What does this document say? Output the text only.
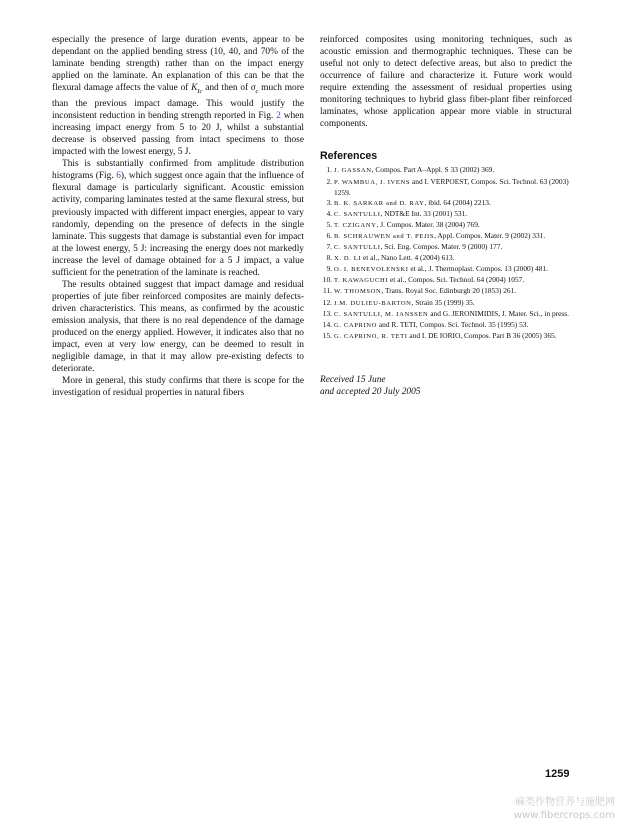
especially the presence of large duration events, appear to be dependant on the applied bending stress (10, 40, and 70% of the laminate bending strength) rather than on the impact energy applied on the laminate. An explanation of this can be that the flexural damage affects the value of $K_{Ic}$ and then of $\sigma_c$ much more than the previous impact damage. This would justify the inconsistent reduction in bending strength reported in Fig. 2 when increasing impact energy from 5 to 20 J, whilst a substantial decrease is observed passing from intact specimens to those impacted with the lowest energy, 5 J.

This is substantially confirmed from amplitude distribution histograms (Fig. 6), which suggest once again that the influence of flexural damage is particularly significant. Acoustic emission activity, comparing laminates tested at the same flexural stress, but previously impacted with different impact energies, appear to vary randomly, depending on the presence of defects in the single laminate. This suggests that damage is substantial even for impact at the lowest energy, 5 J: increasing the energy does not markedly increase the level of damage obtained for a 5 J impact, a value sufficient for the penetration of the laminate is reached.

The results obtained suggest that impact damage and residual properties of jute fiber reinforced composites are mainly defects-driven characteristics. This means, as confirmed by the acoustic emission analysis, that there is no real dependence of the damage produced on the energy applied. However, it indicates also that no impact, even at very low energy, can be deemed to result in negligible damage, in that it may allow pre-existing defects to deteriorate.

More in general, this study confirms that there is scope for the investigation of residual properties in natural fibers

reinforced composites using monitoring techniques, such as acoustic emission and thermographic techniques. These can be useful not only to detect defective areas, but also to predict the occurrence of failure and characterize it. Future work would require extending the assessment of residual properties using monitoring techniques to hybrid glass fiber-plant fiber reinforced laminates, whose application appear more viable in structural components.

References
1. J. GASSAN, Compos. Part A–Appl. S 33 (2002) 369.
2. P. WAMBUA, J. IVENS and I. VERPOEST, Compos. Sci. Technol. 63 (2003) 1259.
3. B. K. SARKAR and D. RAY, ibid. 64 (2004) 2213.
4. C. SANTULLI, NDT&E Int. 33 (2001) 531.
5. T. CZIGANY, J. Compos. Mater. 38 (2004) 769.
6. B. SCHRAUWEN and T. PEJIS, Appl. Compos. Mater. 9 (2002) 331.
7. C. SANTULLI, Sci. Eng. Compos. Mater. 9 (2000) 177.
8. X. D. LI et al., Nano Lett. 4 (2004) 613.
9. O. I. BENEVOLENSKI et al., J. Thermoplast. Compos. 13 (2000) 481.
10. T. KAWAGUCHI et al., Compos. Sci. Technol. 64 (2004) 1057.
11. W. THOMSON, Trans. Royal Soc. Edinburgh 20 (1853) 261.
12. J.M. DULIEU-BARTON, Strain 35 (1999) 35.
13. C. SANTULLI, M. JANSSEN and G. JERONIMIDIS, J. Mater. Sci., in press.
14. G. CAPRINO and R. TETI, Compos. Sci. Technol. 35 (1995) 53.
15. G. CAPRINO, R. TETI and I. DE IORIO, Compos. Part B 36 (2005) 365.
Received 15 June
and accepted 20 July 2005
1259
麻类作物营养与施肥网
www.fibercrops.com
